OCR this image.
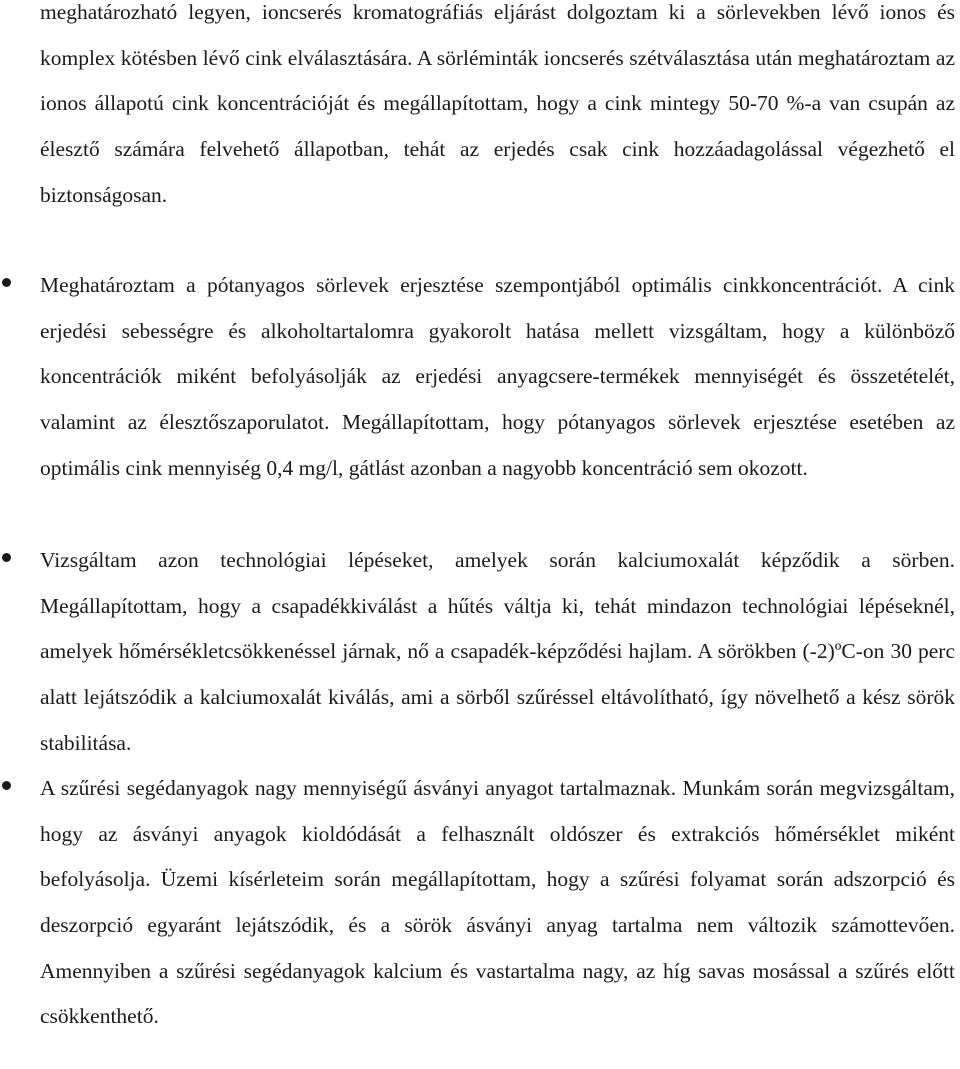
meghatározható legyen, ioncserés kromatográfiás eljárást dolgoztam ki a sörlevekben lévő ionos és komplex kötésben lévő cink elválasztására. A sörléminták ioncserés szétválasztása után meghatároztam az ionos állapotú cink koncentrációját és megállapítottam, hogy a cink mintegy 50-70 %-a van csupán az élesztő számára felvehető állapotban, tehát az erjedés csak cink hozzáadagolással végezhető el biztonságosan.

Meghatároztam a pótanyagos sörlevek erjesztése szempontjából optimális cinkkoncentrációt. A cink erjedési sebességre és alkoholtartalomra gyakorolt hatása mellett vizsgáltam, hogy a különböző koncentrációk miként befolyásolják az erjedési anyagcsere-termékek mennyiségét és összetételét, valamint az élesztőszaporulatot. Megállapítottam, hogy pótanyagos sörlevek erjesztése esetében az optimális cink mennyiség 0,4 mg/l, gátlást azonban a nagyobb koncentráció sem okozott.

Vizsgáltam azon technológiai lépéseket, amelyek során kalciumoxalát képződik a sörben. Megállapítottam, hogy a csapadékkiválást a hűtés váltja ki, tehát mindazon technológiai lépéseknél, amelyek hőmérsékletcsökkenéssel járnak, nő a csapadék-képződési hajlam. A sörökben (-2)ºC-on 30 perc alatt lejátszódik a kalciumoxalát kiválás, ami a sörből szűréssel eltávolítható, így növelhető a kész sörök stabilitása.

A szűrési segédanyagok nagy mennyiségű ásványi anyagot tartalmaznak. Munkám során megvizsgáltam, hogy az ásványi anyagok kioldódását a felhasznált oldószer és extrakciós hőmérséklet miként befolyásolja. Üzemi kísérleteim során megállapítottam, hogy a szűrési folyamat során adszorpció és deszorpció egyaránt lejátszódik, és a sörök ásványi anyag tartalma nem változik számottevően. Amennyiben a szűrési segédanyagok kalcium és vastartalma nagy, az híg savas mosással a szűrés előtt csökkenthető.
